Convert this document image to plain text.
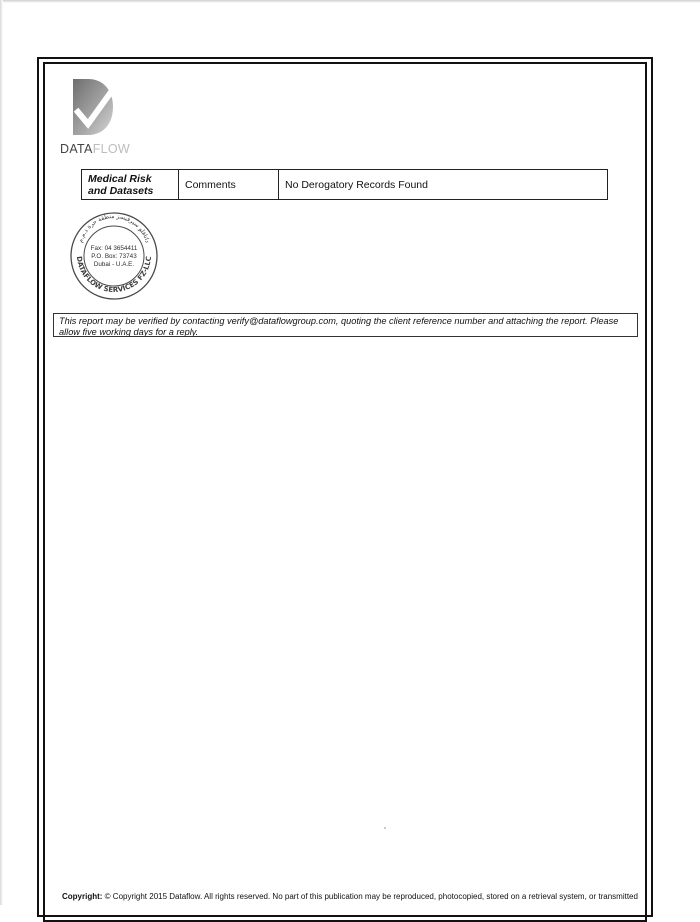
DATAFLOW
Medical Risk and Datasets	Comments	No Derogatory Records Found
DATAFLOW SERVICES FZ-LLC
داتافلو سيرفيسز منطقة حرة ذ.م.م
Fax: 04 3654411
P.O. Box: 73743
Dubai - U.A.E.
This report may be verified by contacting verify@dataflowgroup.com, quoting the client reference number and attaching the report. Please allow five working days for a reply.
Copyright: © Copyright 2015 Dataflow. All rights reserved. No part of this publication may be reproduced, photocopied, stored on a retrieval system, or transmitted
